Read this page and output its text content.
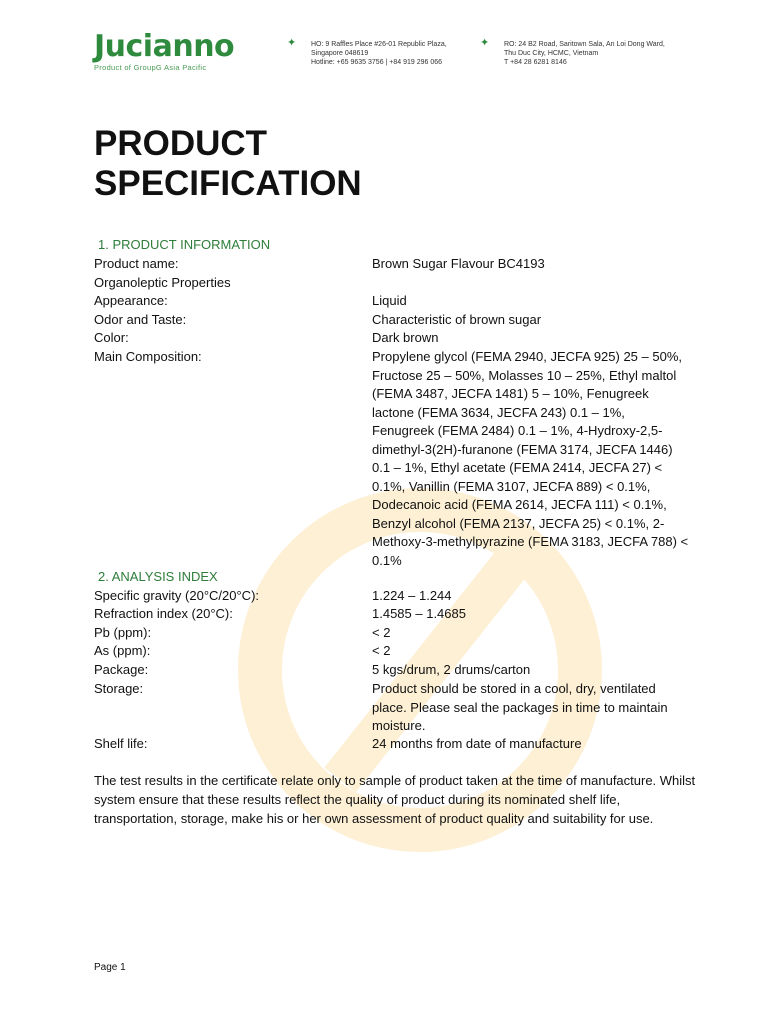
Jucianno
Product of GroupG Asia Pacific
✦ HO: 9 Raffles Place #26-01 Republic Plaza,
Singapore 048619
Hotline: +65 9635 3756 | +84 919 296 066
✦ RO: 24 B2 Road, Saritown Sala, An Loi Dong Ward,
Thu Duc City, HCMC, Vietnam
T +84 28 6281 8146
PRODUCT
SPECIFICATION
1. PRODUCT INFORMATION
Product name:	Brown Sugar Flavour BC4193
Organoleptic Properties
Appearance:	Liquid
Odor and Taste:	Characteristic of brown sugar
Color:	Dark brown
Main Composition:	Propylene glycol (FEMA 2940, JECFA 925) 25 – 50%, Fructose 25 – 50%, Molasses 10 – 25%, Ethyl maltol (FEMA 3487, JECFA 1481) 5 – 10%, Fenugreek lactone (FEMA 3634, JECFA 243) 0.1 – 1%, Fenugreek (FEMA 2484) 0.1 – 1%, 4-Hydroxy-2,5-dimethyl-3(2H)-furanone (FEMA 3174, JECFA 1446) 0.1 – 1%, Ethyl acetate (FEMA 2414, JECFA 27) < 0.1%, Vanillin (FEMA 3107, JECFA 889) < 0.1%, Dodecanoic acid (FEMA 2614, JECFA 111) < 0.1%, Benzyl alcohol (FEMA 2137, JECFA 25) < 0.1%, 2-Methoxy-3-methylpyrazine (FEMA 3183, JECFA 788) < 0.1%
2. ANALYSIS INDEX
Specific gravity (20°C/20°C):	1.224 – 1.244
Refraction index (20°C):	1.4585 – 1.4685
Pb (ppm):	< 2
As (ppm):	< 2
Package:	5 kgs/drum, 2 drums/carton
Storage:	Product should be stored in a cool, dry, ventilated place. Please seal the packages in time to maintain moisture.
Shelf life:	24 months from date of manufacture
The test results in the certificate relate only to sample of product taken at the time of manufacture. Whilst system ensure that these results reflect the quality of product during its nominated shelf life, transportation, storage, make his or her own assessment of product quality and suitability for use.
Page 1
